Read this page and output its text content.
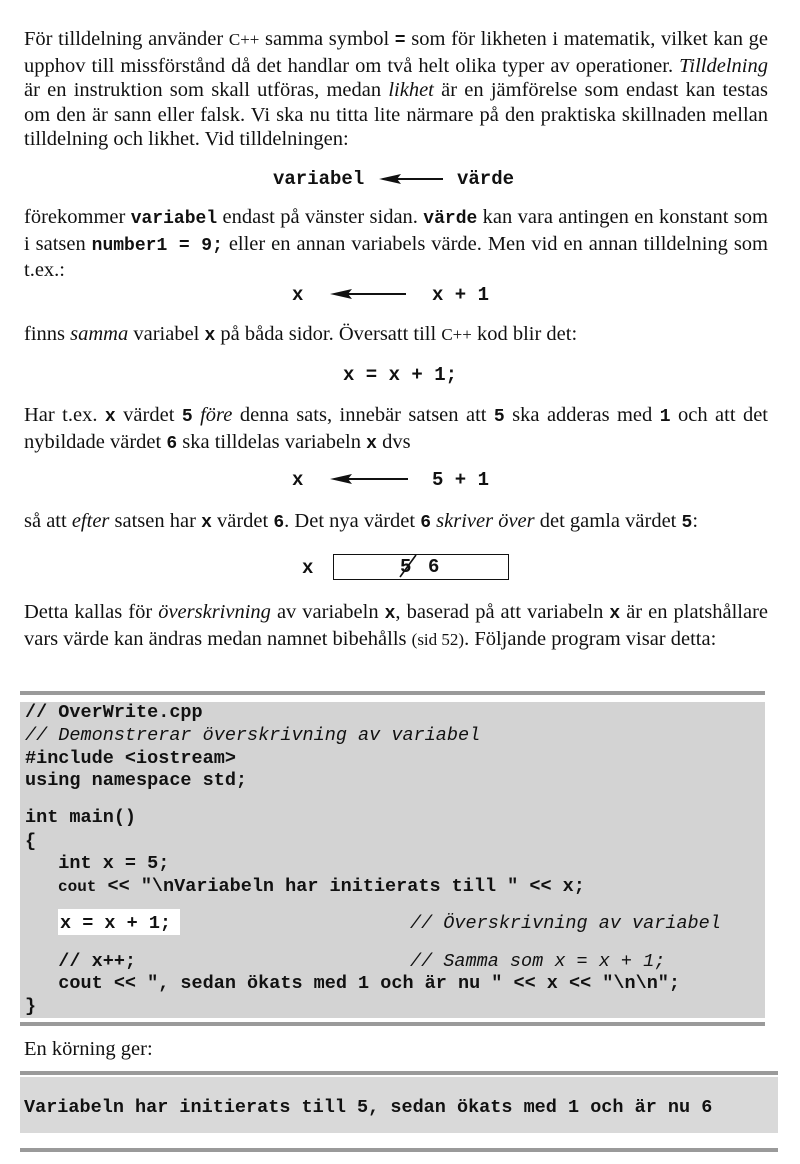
För tilldelning använder C++ samma symbol = som för likheten i matematik, vilket kan ge upphov till missförstånd då det handlar om två helt olika typer av operationer. Tilldelning är en instruktion som skall utföras, medan likhet är en jämförelse som endast kan testas om den är sann eller falsk. Vi ska nu titta lite närmare på den praktiska skillnaden mellan tilldelning och likhet. Vid tilldelningen:

variabel	värde

förekommer variabel endast på vänster sidan. värde kan vara antingen en konstant som i satsen number1 = 9; eller en annan variabels värde. Men vid en annan tilldelning som t.ex.:

x	x + 1

finns samma variabel x på båda sidor. Översatt till C++ kod blir det:

x = x + 1;

Har t.ex. x värdet 5 före denna sats, innebär satsen att 5 ska adderas med 1 och att det nybildade värdet 6 ska tilldelas variabeln x dvs

x	5 + 1

så att efter satsen har x värdet 6. Det nya värdet 6 skriver över det gamla värdet 5:

x	5 6

Detta kallas för överskrivning av variabeln x, baserad på att variabeln x är en platshållare vars värde kan ändras medan namnet bibehålls (sid 52). Följande program visar detta:

// OverWrite.cpp
// Demonstrerar överskrivning av variabel
#include <iostream>
using namespace std;
int main()
{
int x = 5;
cout << "\nVariabeln har initierats till " << x;
x = x + 1;	// Överskrivning av variabel
// x++;	// Samma som x = x + 1;
cout << ", sedan ökats med 1 och är nu " << x << "\n\n";
}

En körning ger:

Variabeln har initierats till 5, sedan ökats med 1 och är nu 6
